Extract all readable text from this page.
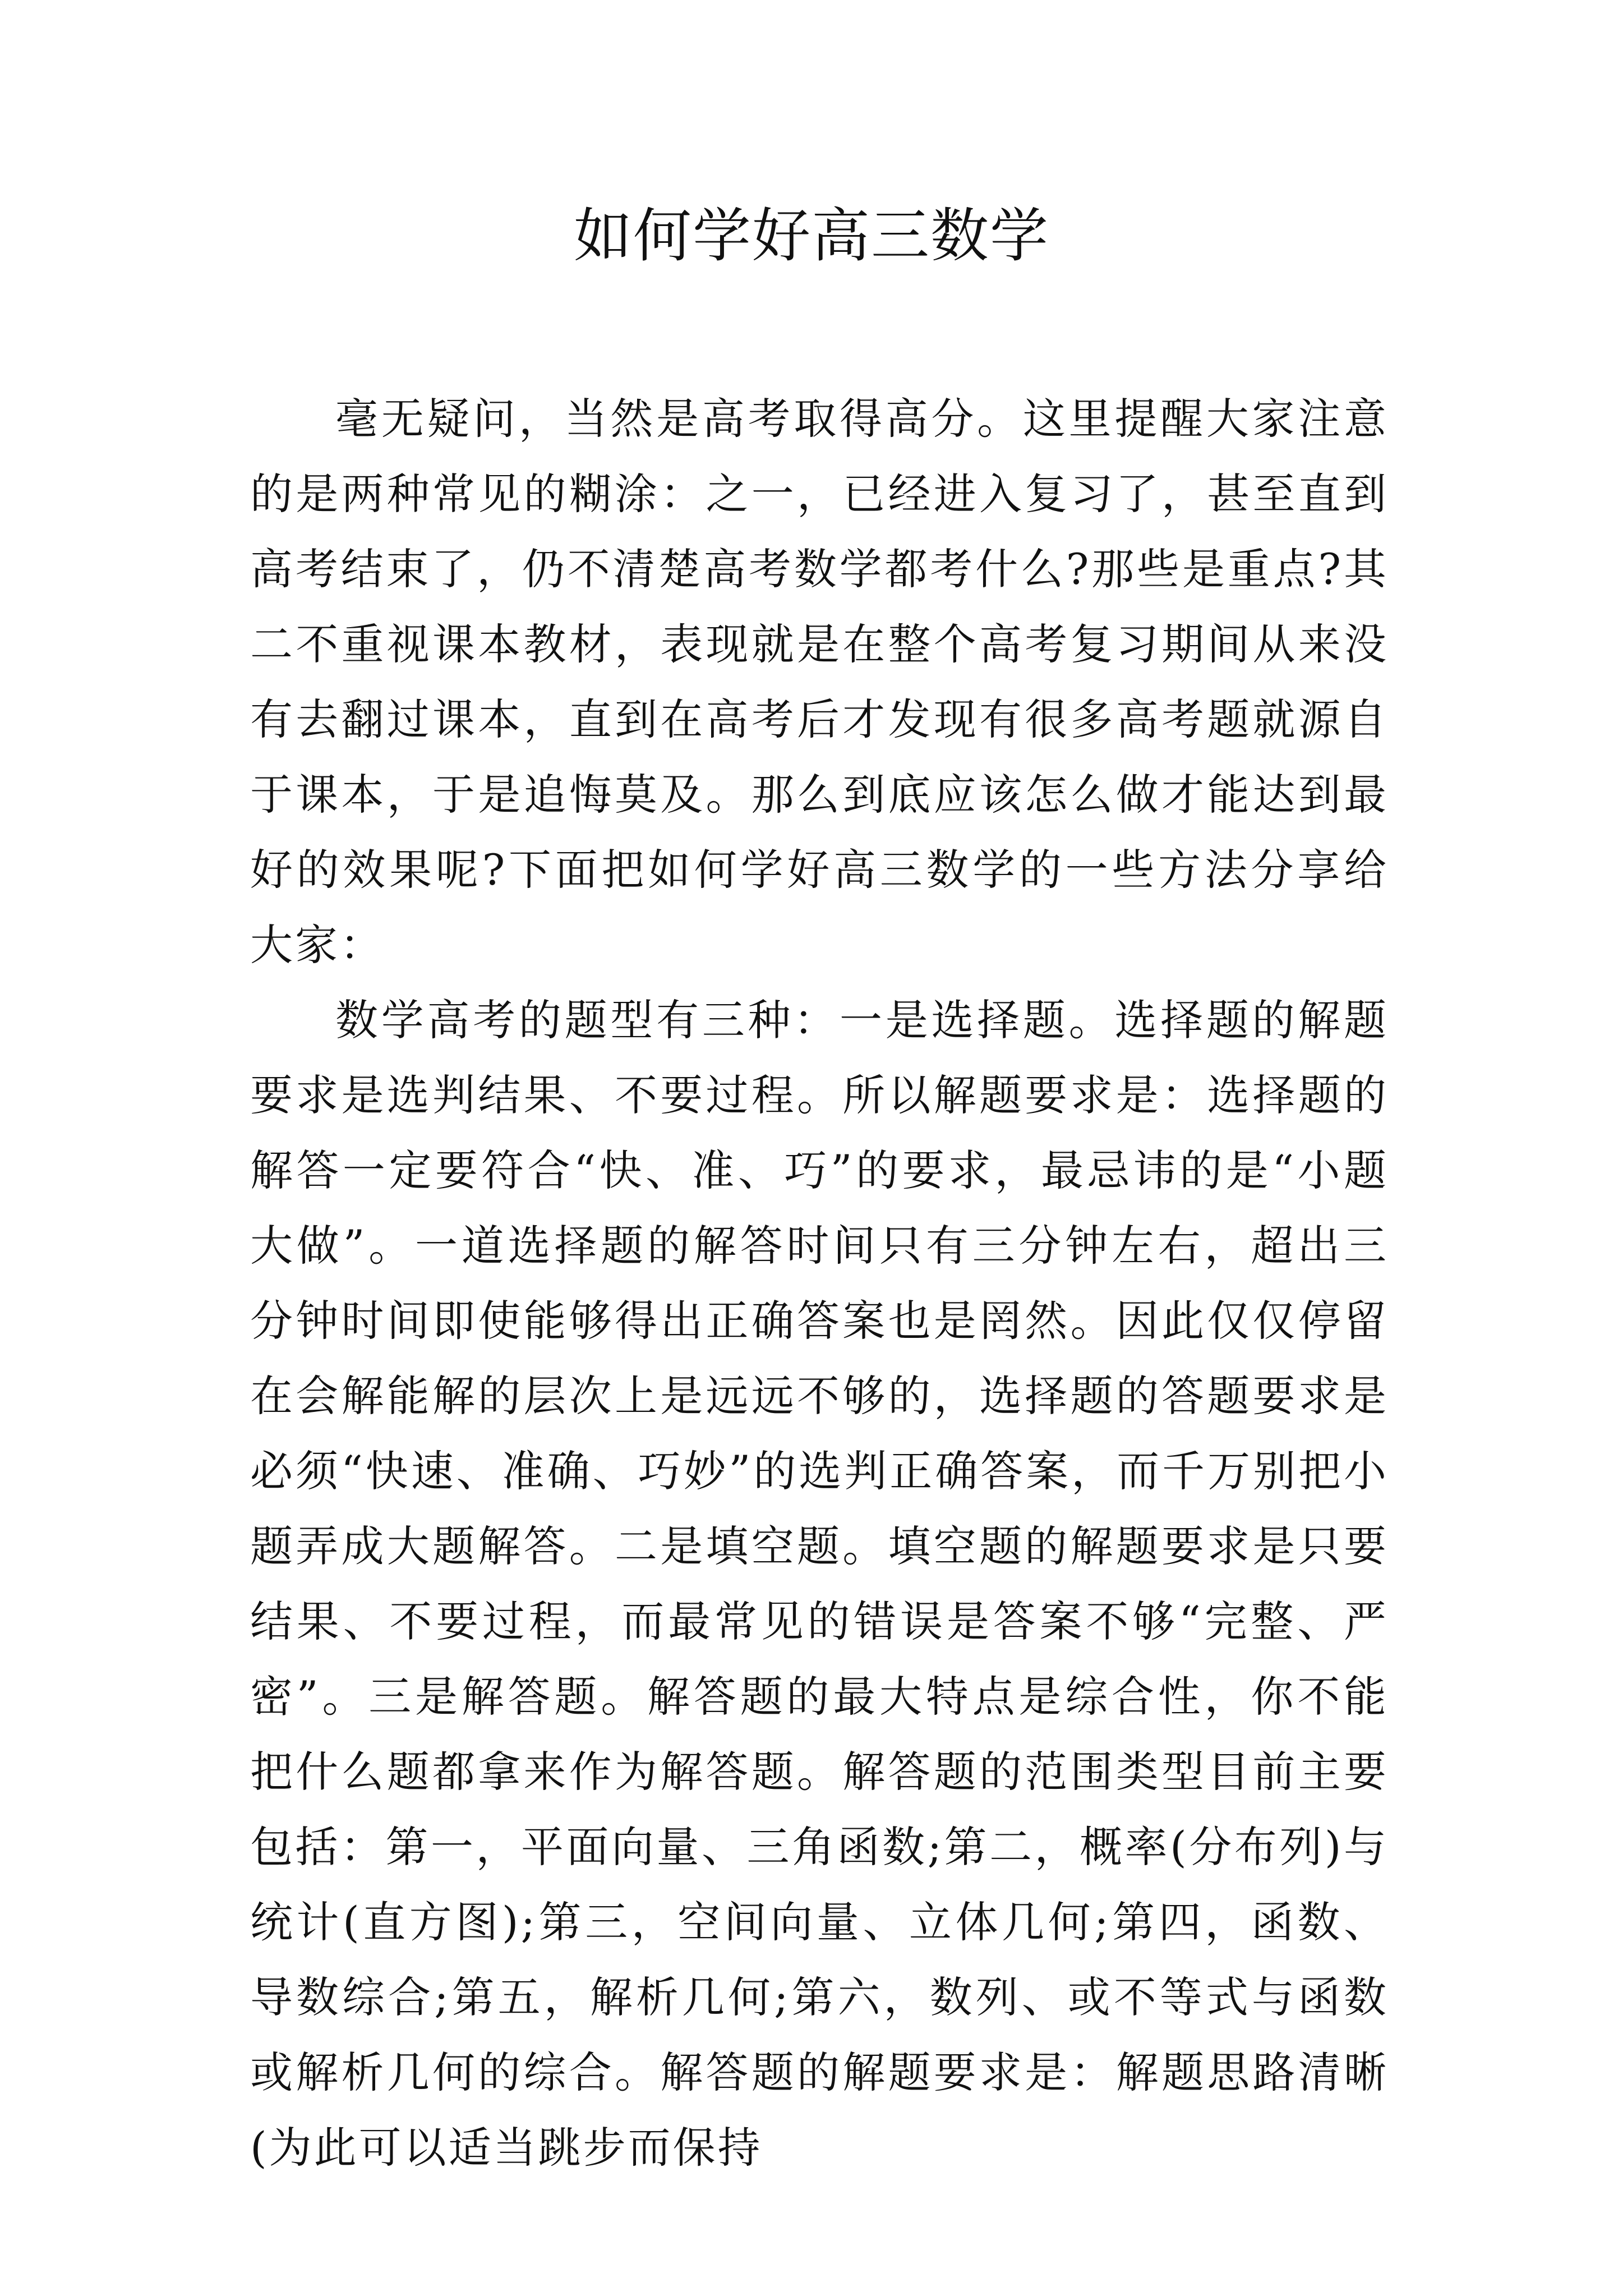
如何学好高三数学

毫无疑问，当然是高考取得高分。这里提醒大家注意的是两种常见的糊涂：之一，已经进入复习了，甚至直到高考结束了，仍不清楚高考数学都考什么?那些是重点?其二不重视课本教材，表现就是在整个高考复习期间从来没有去翻过课本，直到在高考后才发现有很多高考题就源自于课本，于是追悔莫及。那么到底应该怎么做才能达到最好的效果呢?下面把如何学好高三数学的一些方法分享给大家：

数学高考的题型有三种：一是选择题。选择题的解题要求是选判结果、不要过程。所以解题要求是：选择题的解答一定要符合“快、准、巧”的要求，最忌讳的是“小题大做”。一道选择题的解答时间只有三分钟左右，超出三分钟时间即使能够得出正确答案也是罔然。因此仅仅停留在会解能解的层次上是远远不够的，选择题的答题要求是必须“快速、准确、巧妙”的选判正确答案，而千万别把小题弄成大题解答。二是填空题。填空题的解题要求是只要结果、不要过程，而最常见的错误是答案不够“完整、严密”。三是解答题。解答题的最大特点是综合性，你不能把什么题都拿来作为解答题。解答题的范围类型目前主要包括：第一，平面向量、三角函数;第二，概率(分布列)与统计(直方图);第三，空间向量、立体几何;第四，函数、导数综合;第五，解析几何;第六，数列、或不等式与函数或解析几何的综合。解答题的解题要求是：解题思路清晰(为此可以适当跳步而保持
